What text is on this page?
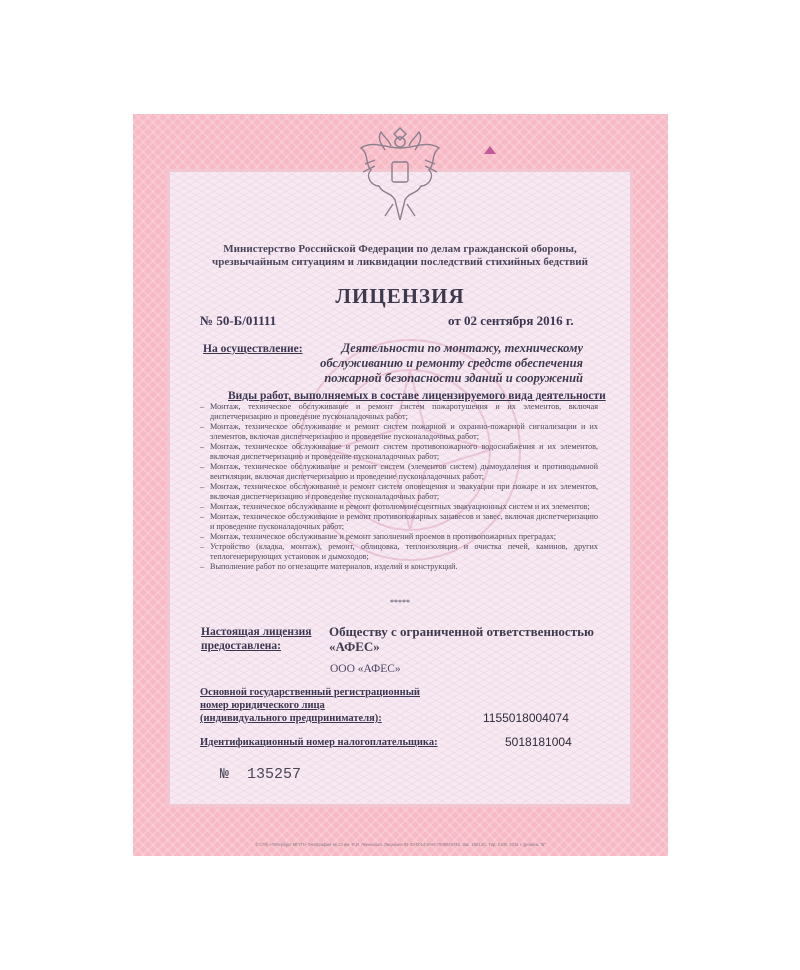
Министерство Российской Федерации по делам гражданской обороны,

чрезвычайным ситуациям и ликвидации последствий стихийных бедствий

ЛИЦЕНЗИЯ

№ 50-Б/01111	от 02 сентября 2016 г.

На осуществление:	Деятельности по монтажу, техническому

обслуживанию и ремонту средств обеспечения

пожарной безопасности зданий и сооружений

Виды работ, выполняемых в составе лицензируемого вида деятельности

– Монтаж, техническое обслуживание и ремонт систем пожаротушения и их элементов, включая диспетчеризацию и проведение пусконаладочных работ;
– Монтаж, техническое обслуживание и ремонт систем пожарной и охранно-пожарной сигнализации и их элементов, включая диспетчеризацию и проведение пусконаладочных работ;
– Монтаж, техническое обслуживание и ремонт систем противопожарного водоснабжения и их элементов, включая диспетчеризацию и проведение пусконаладочных работ;
– Монтаж, техническое обслуживание и ремонт систем (элементов систем) дымоудаления и противодымной вентиляции, включая диспетчеризацию и проведение пусконаладочных работ;
– Монтаж, техническое обслуживание и ремонт систем оповещения и эвакуации при пожаре и их элементов, включая диспетчеризацию и проведение пусконаладочных работ;
– Монтаж, техническое обслуживание и ремонт фотолюминесцентных эвакуационных систем и их элементов;
– Монтаж, техническое обслуживание и ремонт противопожарных занавесов и завес, включая диспетчеризацию и проведение пусконаладочных работ;
– Монтаж, техническое обслуживание и ремонт заполнений проемов в противопожарных преградах;
– Устройство (кладка, монтаж), ремонт, облицовка, теплоизоляция и очистка печей, каминов, других теплогенерирующих установок и дымоходов;
– Выполнение работ по огнезащите материалов, изделий и конструкций.

*****

Настоящая лицензия

предоставлена:

Обществу с ограниченной ответственностью

«АФЕС»

ООО «АФЕС»

Основной государственный регистрационный

номер юридического лица

(индивидуального предпринимателя):	1155018004074

Идентификационный номер налогоплательщика:	5018181004

№ 135257

© СПб «Петербург-МГУП» Типография № 13 им. Ф.И. Ленинская. Лицензия 02-00-0014 ИНН 7808025746. Зак. 15012С. Тир. 5100. 2015 г. уровень "Б"
